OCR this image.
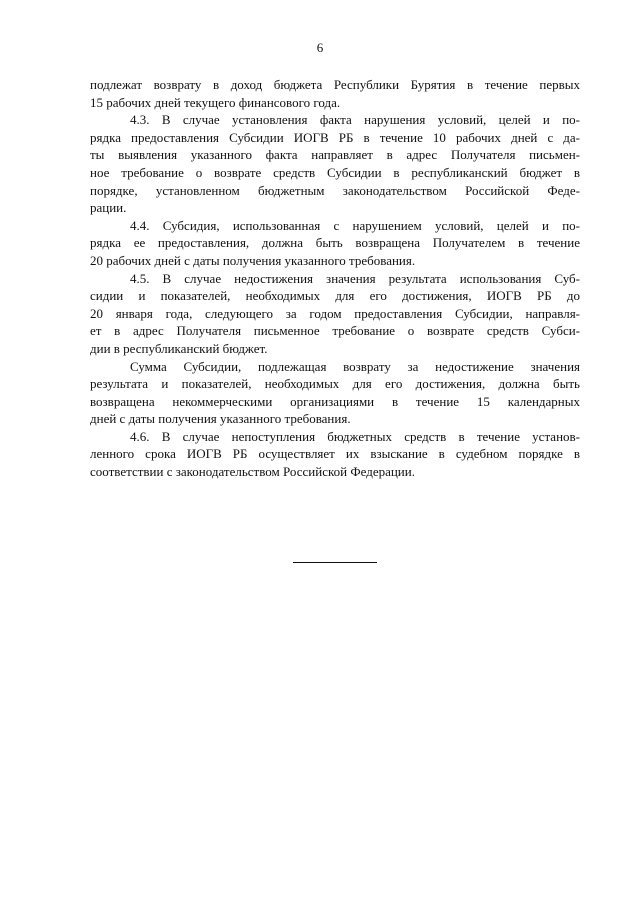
6
подлежат возврату в доход бюджета Республики Бурятия в течение первых
15 рабочих дней текущего финансового года.
4.3. В случае установления факта нарушения условий, целей и по-
рядка предоставления Субсидии ИОГВ РБ в течение 10 рабочих дней с да-
ты выявления указанного факта направляет в адрес Получателя письмен-
ное требование о возврате средств Субсидии в республиканский бюджет в
порядке, установленном бюджетным законодательством Российской Феде-
рации.
4.4. Субсидия, использованная с нарушением условий, целей и по-
рядка ее предоставления, должна быть возвращена Получателем в течение
20 рабочих дней с даты получения указанного требования.
4.5. В случае недостижения значения результата использования Суб-
сидии и показателей, необходимых для его достижения, ИОГВ РБ до
20 января года, следующего за годом предоставления Субсидии, направля-
ет в адрес Получателя письменное требование о возврате средств Субси-
дии в республиканский бюджет.
Сумма Субсидии, подлежащая возврату за недостижение значения
результата и показателей, необходимых для его достижения, должна быть
возвращена некоммерческими организациями в течение 15 календарных
дней с даты получения указанного требования.
4.6. В случае непоступления бюджетных средств в течение установ-
ленного срока ИОГВ РБ осуществляет их взыскание в судебном порядке в
соответствии с законодательством Российской Федерации.
